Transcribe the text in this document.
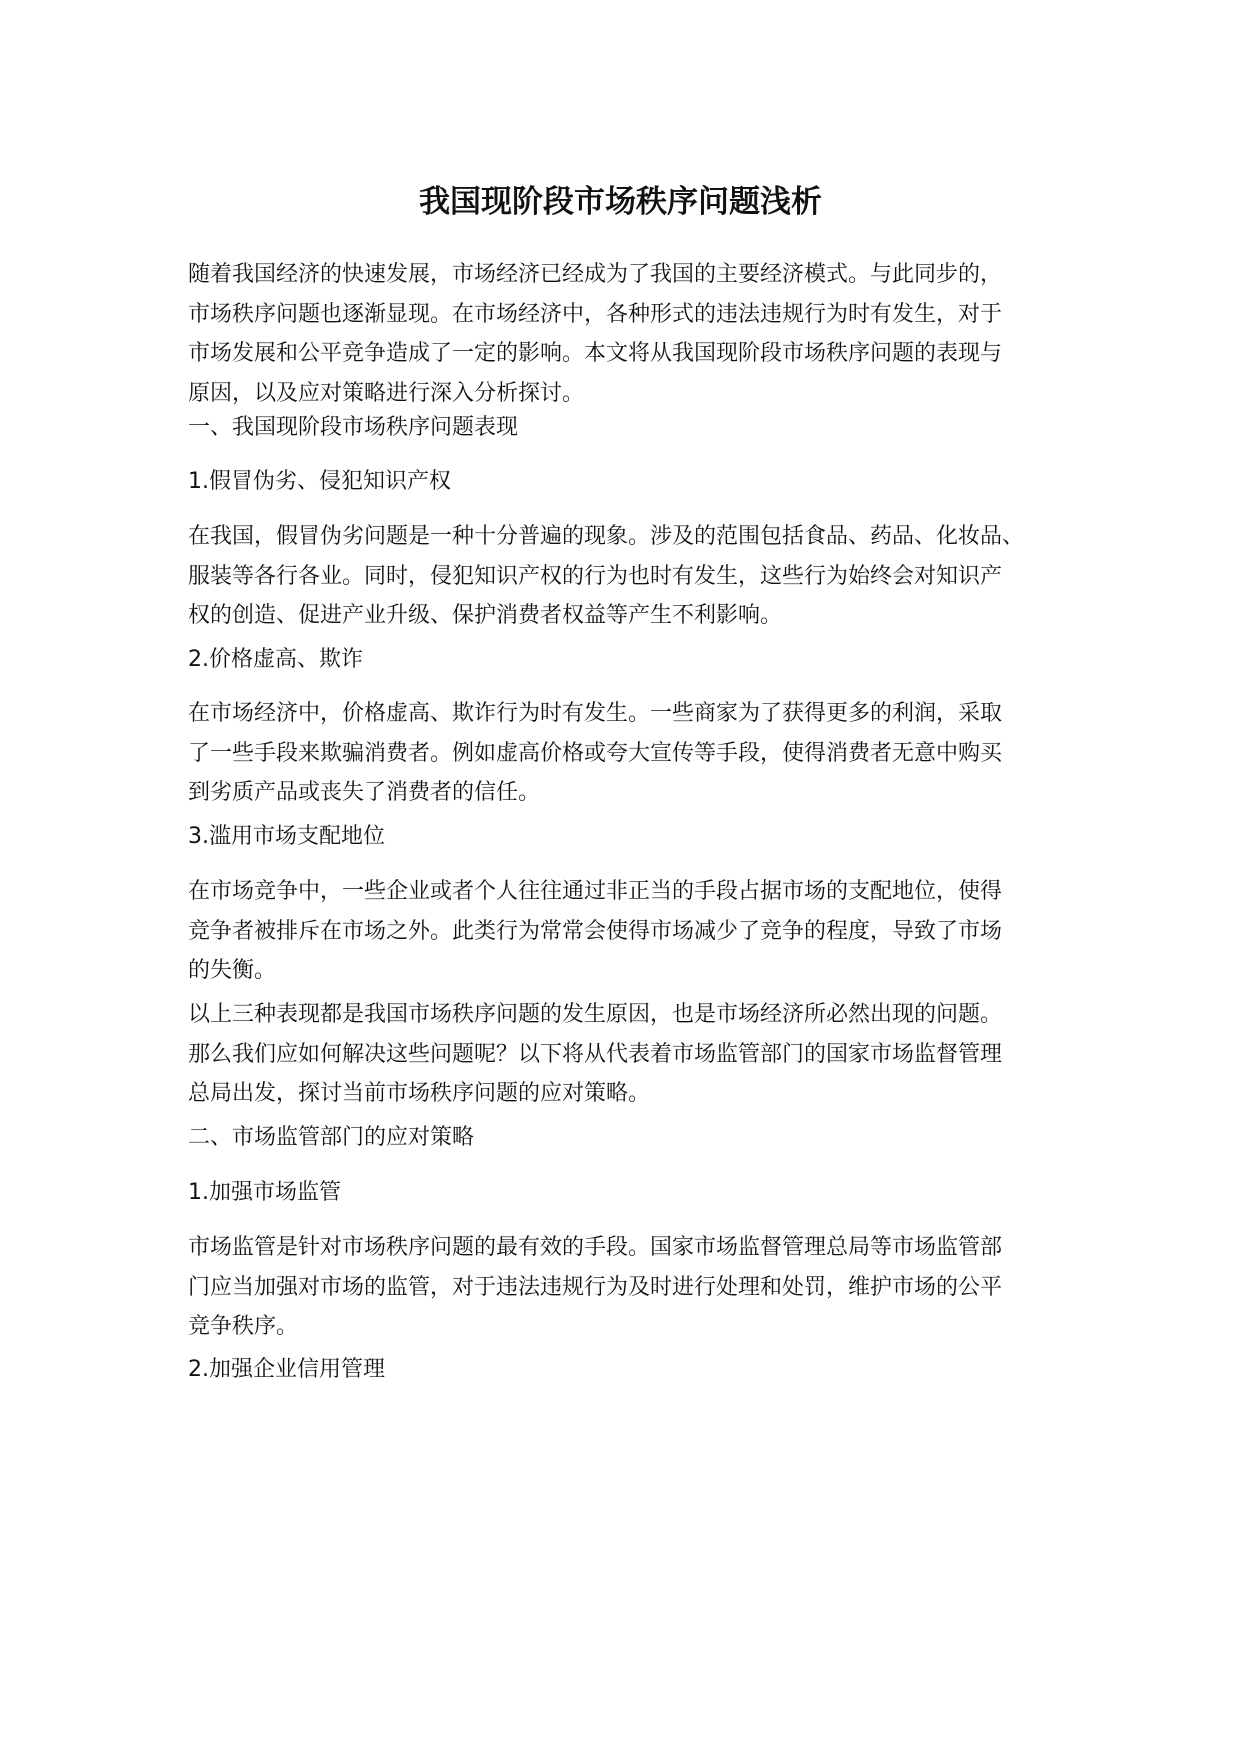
我国现阶段市场秩序问题浅析

随着我国经济的快速发展，市场经济已经成为了我国的主要经济模式。与此同步的，
市场秩序问题也逐渐显现。在市场经济中，各种形式的违法违规行为时有发生，对于
市场发展和公平竞争造成了一定的影响。本文将从我国现阶段市场秩序问题的表现与
原因，以及应对策略进行深入分析探讨。

一、我国现阶段市场秩序问题表现

1.假冒伪劣、侵犯知识产权

在我国，假冒伪劣问题是一种十分普遍的现象。涉及的范围包括食品、药品、化妆品、
服装等各行各业。同时，侵犯知识产权的行为也时有发生，这些行为始终会对知识产
权的创造、促进产业升级、保护消费者权益等产生不利影响。

2.价格虚高、欺诈

在市场经济中，价格虚高、欺诈行为时有发生。一些商家为了获得更多的利润，采取
了一些手段来欺骗消费者。例如虚高价格或夸大宣传等手段，使得消费者无意中购买
到劣质产品或丧失了消费者的信任。

3.滥用市场支配地位

在市场竞争中，一些企业或者个人往往通过非正当的手段占据市场的支配地位，使得
竞争者被排斥在市场之外。此类行为常常会使得市场减少了竞争的程度，导致了市场
的失衡。

以上三种表现都是我国市场秩序问题的发生原因，也是市场经济所必然出现的问题。
那么我们应如何解决这些问题呢？以下将从代表着市场监管部门的国家市场监督管理
总局出发，探讨当前市场秩序问题的应对策略。

二、市场监管部门的应对策略

1.加强市场监管

市场监管是针对市场秩序问题的最有效的手段。国家市场监督管理总局等市场监管部
门应当加强对市场的监管，对于违法违规行为及时进行处理和处罚，维护市场的公平
竞争秩序。

2.加强企业信用管理
